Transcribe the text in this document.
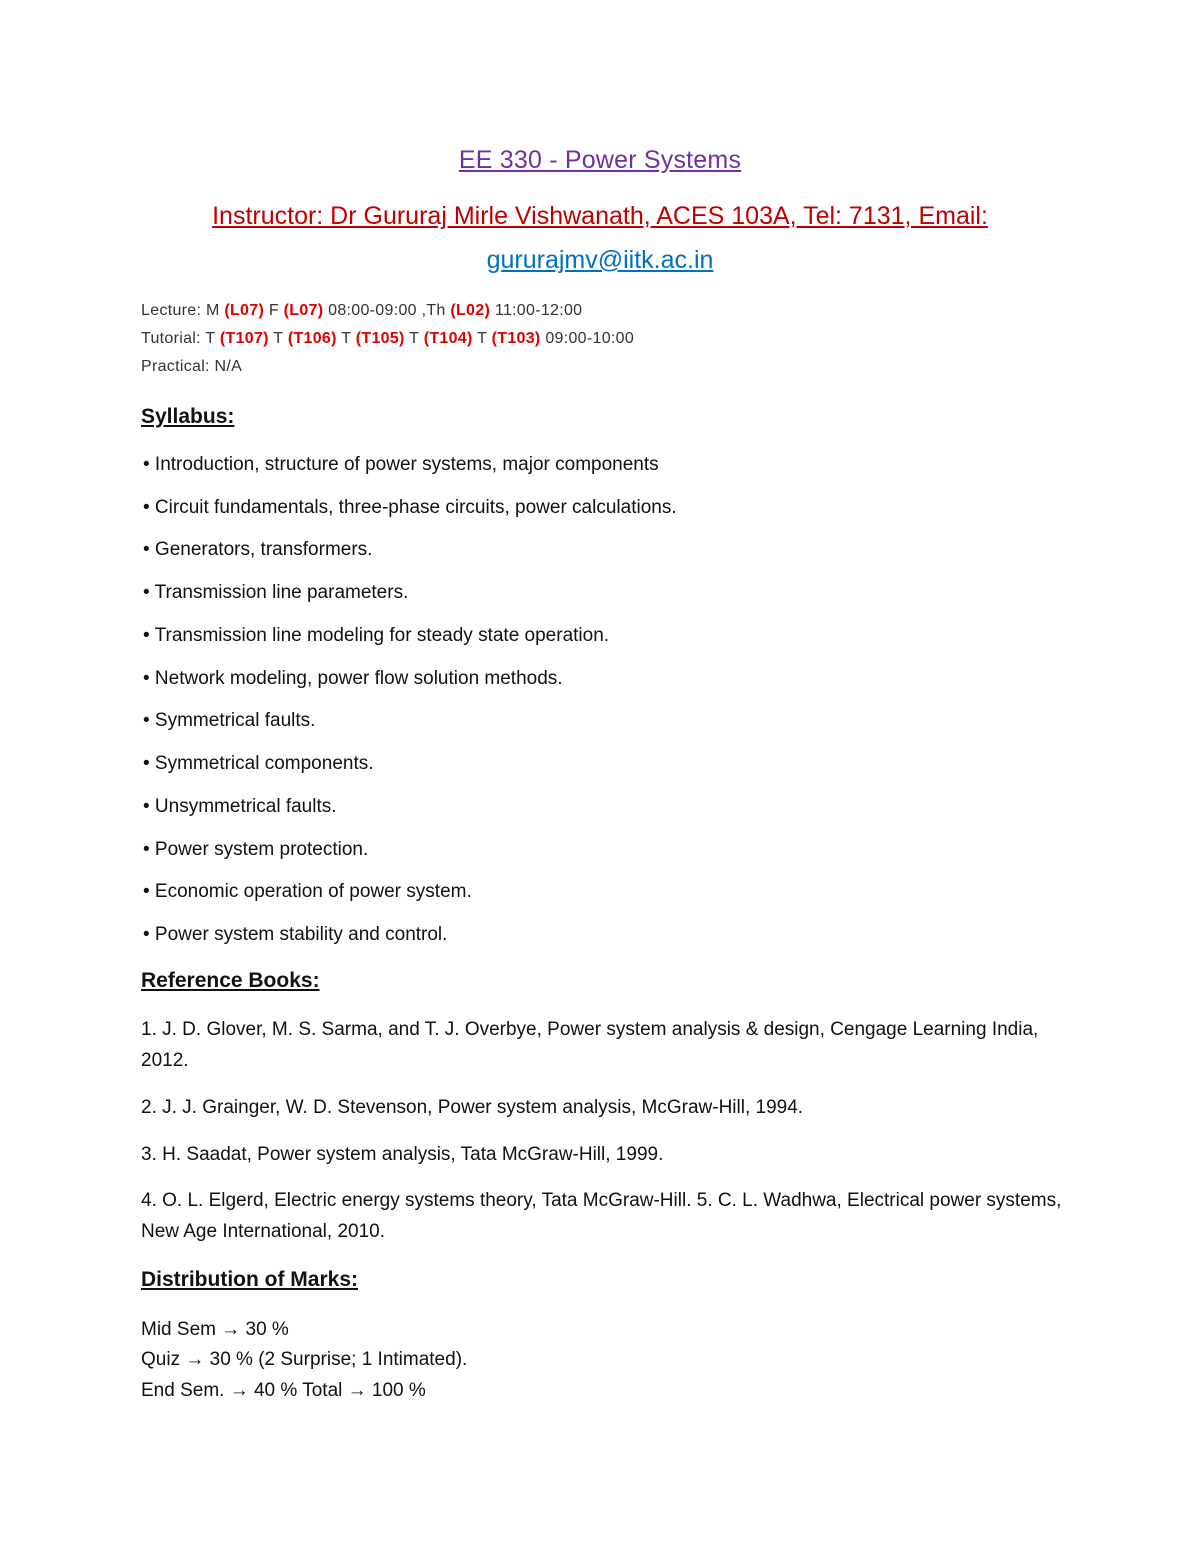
EE 330 - Power Systems
Instructor: Dr Gururaj Mirle Vishwanath, ACES 103A, Tel: 7131, Email:
gururajmv@iitk.ac.in
Lecture: M (L07) F (L07) 08:00-09:00 ,Th (L02) 11:00-12:00
Tutorial: T (T107) T (T106) T (T105) T (T104) T (T103) 09:00-10:00
Practical: N/A
Syllabus:
• Introduction, structure of power systems, major components
• Circuit fundamentals, three-phase circuits, power calculations.
• Generators, transformers.
• Transmission line parameters.
• Transmission line modeling for steady state operation.
• Network modeling, power flow solution methods.
• Symmetrical faults.
• Symmetrical components.
• Unsymmetrical faults.
• Power system protection.
• Economic operation of power system.
• Power system stability and control.
Reference Books:
1. J. D. Glover, M. S. Sarma, and T. J. Overbye, Power system analysis & design, Cengage Learning India, 2012.
2. J. J. Grainger, W. D. Stevenson, Power system analysis, McGraw-Hill, 1994.
3. H. Saadat, Power system analysis, Tata McGraw-Hill, 1999.
4. O. L. Elgerd, Electric energy systems theory, Tata McGraw-Hill. 5. C. L. Wadhwa, Electrical power systems, New Age International, 2010.
Distribution of Marks:
Mid Sem → 30 %
Quiz → 30 % (2 Surprise; 1 Intimated).
End Sem. → 40 % Total → 100 %
